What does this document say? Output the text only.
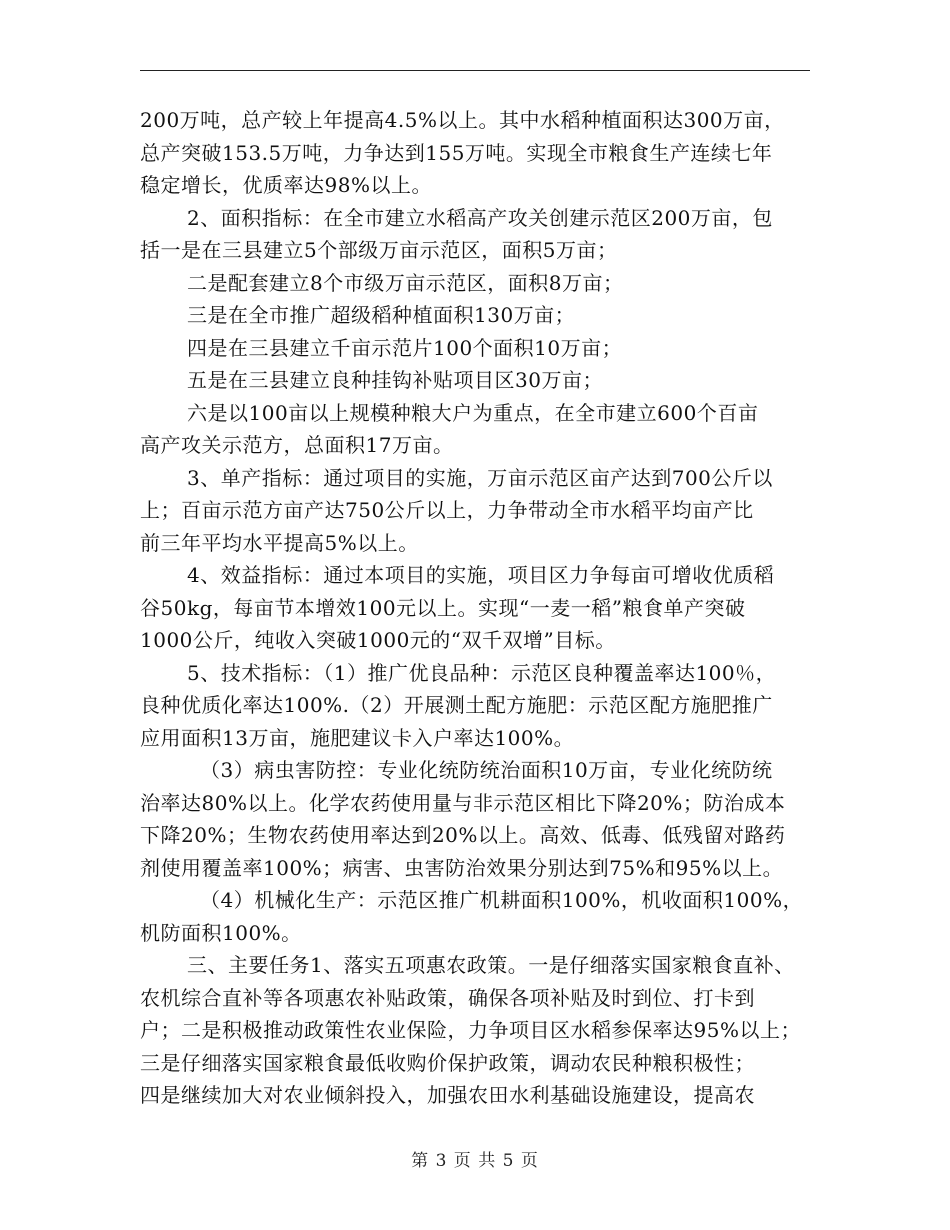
200万吨，总产较上年提高4.5%以上。其中水稻种植面积达300万亩，
总产突破153.5万吨，力争达到155万吨。实现全市粮食生产连续七年
稳定增长，优质率达98%以上。
2、面积指标：在全市建立水稻高产攻关创建示范区200万亩，包
括一是在三县建立5个部级万亩示范区，面积5万亩；
二是配套建立8个市级万亩示范区，面积8万亩；
三是在全市推广超级稻种植面积130万亩；
四是在三县建立千亩示范片100个面积10万亩；
五是在三县建立良种挂钩补贴项目区30万亩；
六是以100亩以上规模种粮大户为重点，在全市建立600个百亩
高产攻关示范方，总面积17万亩。
3、单产指标：通过项目的实施，万亩示范区亩产达到700公斤以
上；百亩示范方亩产达750公斤以上，力争带动全市水稻平均亩产比
前三年平均水平提高5%以上。
4、效益指标：通过本项目的实施，项目区力争每亩可增收优质稻
谷50kg，每亩节本增效100元以上。实现“一麦一稻”粮食单产突破
1000公斤，纯收入突破1000元的“双千双增”目标。
5、技术指标：（1）推广优良品种：示范区良种覆盖率达100％，
良种优质化率达100%.（2）开展测土配方施肥：示范区配方施肥推广
应用面积13万亩，施肥建议卡入户率达100%。
（3）病虫害防控：专业化统防统治面积10万亩，专业化统防统
治率达80%以上。化学农药使用量与非示范区相比下降20%；防治成本
下降20%；生物农药使用率达到20%以上。高效、低毒、低残留对路药
剂使用覆盖率100%；病害、虫害防治效果分别达到75%和95%以上。
（4）机械化生产：示范区推广机耕面积100%，机收面积100%，
机防面积100%。
三、主要任务1、落实五项惠农政策。一是仔细落实国家粮食直补、
农机综合直补等各项惠农补贴政策，确保各项补贴及时到位、打卡到
户；二是积极推动政策性农业保险，力争项目区水稻参保率达95%以上；
三是仔细落实国家粮食最低收购价保护政策，调动农民种粮积极性；
四是继续加大对农业倾斜投入，加强农田水利基础设施建设，提高农
第 3 页 共 5 页
